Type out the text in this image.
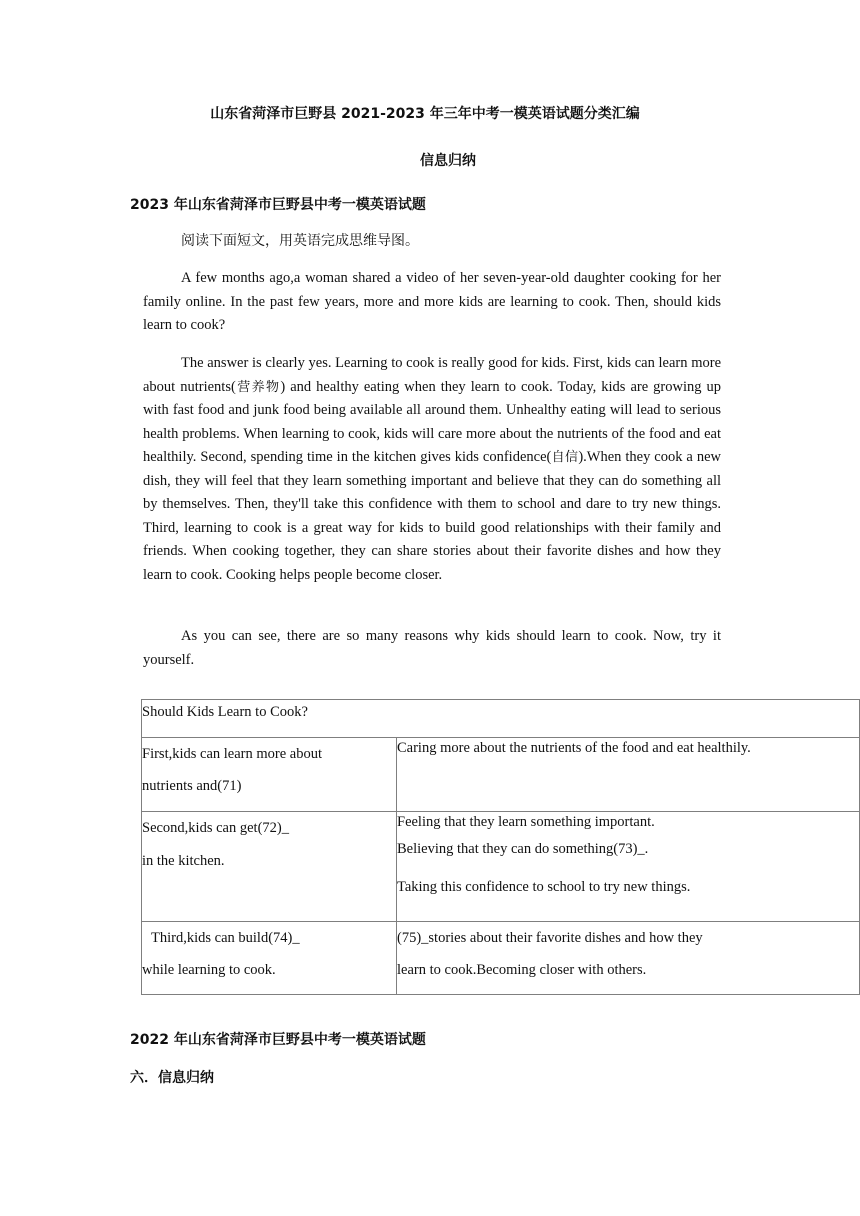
山东省菏泽市巨野县 2021-2023 年三年中考一模英语试题分类汇编
信息归纳
2023 年山东省菏泽市巨野县中考一模英语试题
阅读下面短文，用英语完成思维导图。

A few months ago,a woman shared a video of her seven-year-old daughter cooking for her family online. In the past few years, more and more kids are learning to cook. Then, should kids learn to cook?

The answer is clearly yes. Learning to cook is really good for kids. First, kids can learn more about nutrients(营养物) and healthy eating when they learn to cook. Today, kids are growing up with fast food and junk food being available all around them. Unhealthy eating will lead to serious health problems. When learning to cook, kids will care more about the nutrients of the food and eat healthily. Second, spending time in the kitchen gives kids confidence(自信).When they cook a new dish, they will feel that they learn something important and believe that they can do something all by themselves. Then, they'll take this confidence with them to school and dare to try new things. Third, learning to cook is a great way for kids to build good relationships with their family and friends. When cooking together, they can share stories about their favorite dishes and how they learn to cook. Cooking helps people become closer.

As you can see, there are so many reasons why kids should learn to cook. Now, try it yourself.

Should Kids Learn to Cook?	

First,kids can learn more about
nutrients and(71)	Caring more about the nutrients of the food and eat healthily.

Second,kids can get(72)_
in the kitchen.	Feeling that they learn something important.
Believing that they can do something(73)_.
Taking this confidence to school to try new things.

Third,kids can build(74)_
while learning to cook.	(75)_stories about their favorite dishes and how they
learn to cook.Becoming closer with others.
2022 年山东省菏泽市巨野县中考一模英语试题
六．信息归纳
